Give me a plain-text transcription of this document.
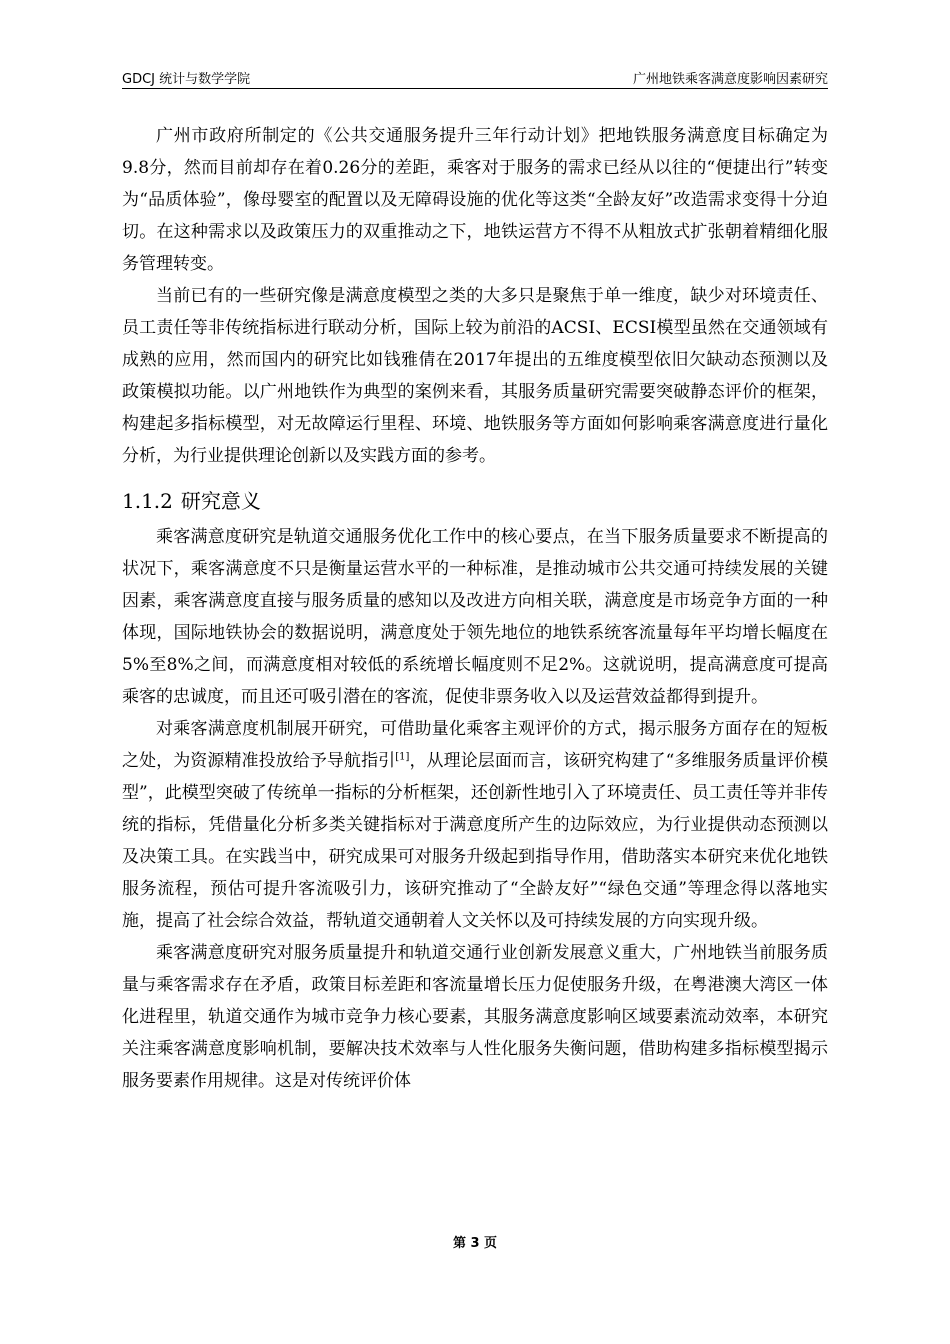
GDCJ 统计与数学学院	广州地铁乘客满意度影响因素研究

广州市政府所制定的《公共交通服务提升三年行动计划》把地铁服务满意度目标确定为9.8分，然而目前却存在着0.26分的差距，乘客对于服务的需求已经从以往的“便捷出行”转变为“品质体验”，像母婴室的配置以及无障碍设施的优化等这类“全龄友好”改造需求变得十分迫切。在这种需求以及政策压力的双重推动之下，地铁运营方不得不从粗放式扩张朝着精细化服务管理转变。

当前已有的一些研究像是满意度模型之类的大多只是聚焦于单一维度，缺少对环境责任、员工责任等非传统指标进行联动分析，国际上较为前沿的ACSI、ECSI模型虽然在交通领域有成熟的应用，然而国内的研究比如钱雅倩在2017年提出的五维度模型依旧欠缺动态预测以及政策模拟功能。以广州地铁作为典型的案例来看，其服务质量研究需要突破静态评价的框架，构建起多指标模型，对无故障运行里程、环境、地铁服务等方面如何影响乘客满意度进行量化分析，为行业提供理论创新以及实践方面的参考。

1.1.2 研究意义

乘客满意度研究是轨道交通服务优化工作中的核心要点，在当下服务质量要求不断提高的状况下，乘客满意度不只是衡量运营水平的一种标准，是推动城市公共交通可持续发展的关键因素，乘客满意度直接与服务质量的感知以及改进方向相关联，满意度是市场竞争方面的一种体现，国际地铁协会的数据说明，满意度处于领先地位的地铁系统客流量每年平均增长幅度在5%至8%之间，而满意度相对较低的系统增长幅度则不足2%。这就说明，提高满意度可提高乘客的忠诚度，而且还可吸引潜在的客流，促使非票务收入以及运营效益都得到提升。

对乘客满意度机制展开研究，可借助量化乘客主观评价的方式，揭示服务方面存在的短板之处，为资源精准投放给予导航指引[1]，从理论层面而言，该研究构建了“多维服务质量评价模型”，此模型突破了传统单一指标的分析框架，还创新性地引入了环境责任、员工责任等并非传统的指标，凭借量化分析多类关键指标对于满意度所产生的边际效应，为行业提供动态预测以及决策工具。在实践当中，研究成果可对服务升级起到指导作用，借助落实本研究来优化地铁服务流程，预估可提升客流吸引力，该研究推动了“全龄友好”“绿色交通”等理念得以落地实施，提高了社会综合效益，帮轨道交通朝着人文关怀以及可持续发展的方向实现升级。

乘客满意度研究对服务质量提升和轨道交通行业创新发展意义重大，广州地铁当前服务质量与乘客需求存在矛盾，政策目标差距和客流量增长压力促使服务升级，在粤港澳大湾区一体化进程里，轨道交通作为城市竞争力核心要素，其服务满意度影响区域要素流动效率，本研究关注乘客满意度影响机制，要解决技术效率与人性化服务失衡问题，借助构建多指标模型揭示服务要素作用规律。这是对传统评价体

第 3 页
